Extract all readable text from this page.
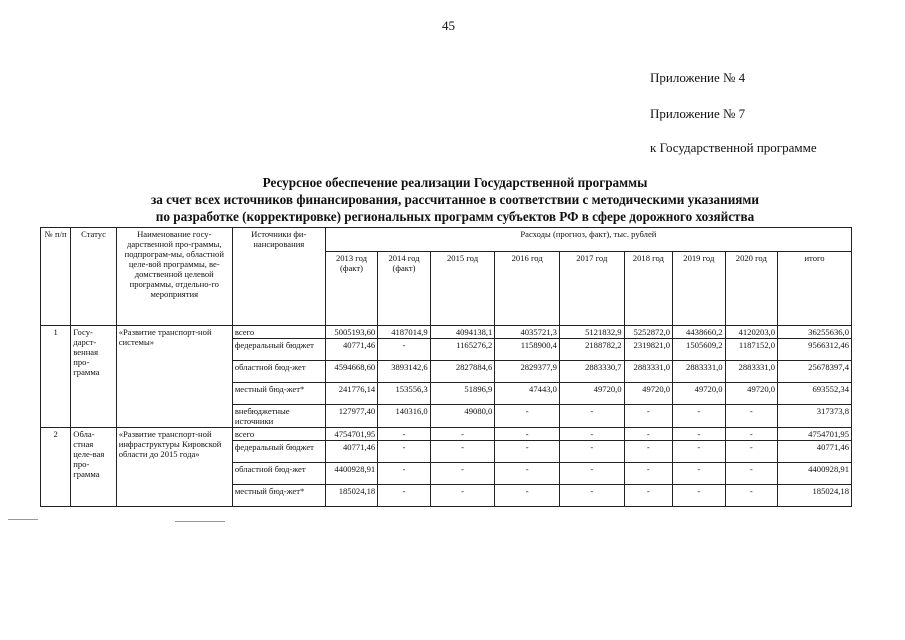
45
Приложение № 4
Приложение № 7
к Государственной программе
Ресурсное обеспечение реализации Государственной программы
за счет всех источников финансирования, рассчитанное в соответствии с методическими указаниями
по разработке (корректировке) региональных программ субъектов РФ в сфере дорожного хозяйства
№ п/п	Статус	Наименование госу-дарственной про-граммы, подпрограм-мы, областной целе-вой программы, ве-домственной целевой программы, отдельно-го мероприятия	Источники фи-нансирования	Расходы (прогноз, факт), тыс. рублей								
				2013 год (факт)	2014 год (факт)	2015 год	2016 год	2017 год	2018 год	2019 год	2020 год	итого
1	Госу-дарст-венная про-грамма	«Развитие транспорт-ной системы»	всего	5005193,60	4187014,9	4094138,1	4035721,3	5121832,9	5252872,0	4438660,2	4120203,0	36255636,0
			федеральный бюджет	40771,46	-	1165276,2	1158900,4	2188782,2	2319821,0	1505609,2	1187152,0	9566312,46
			областной бюд-жет	4594668,60	3893142,6	2827884,6	2829377,9	2883330,7	2883331,0	2883331,0	2883331,0	25678397,4
			местный бюд-жет*	241776,14	153556,3	51896,9	47443,0	49720,0	49720,0	49720,0	49720,0	693552,34
			внебюджетные источники	127977,40	140316,0	49080,0	-	-	-	-	-	317373,8
2	Обла-стная целе-вая про-грамма	«Развитие транспорт-ной инфраструктуры Кировской области до 2015 года»	всего	4754701,95	-	-	-	-	-	-	-	4754701,95
			федеральный бюджет	40771,46	-	-	-	-	-	-	-	40771,46
			областной бюд-жет	4400928,91	-	-	-	-	-	-	-	4400928,91
			местный бюд-жет*	185024,18	-	-	-	-	-	-	-	185024,18
